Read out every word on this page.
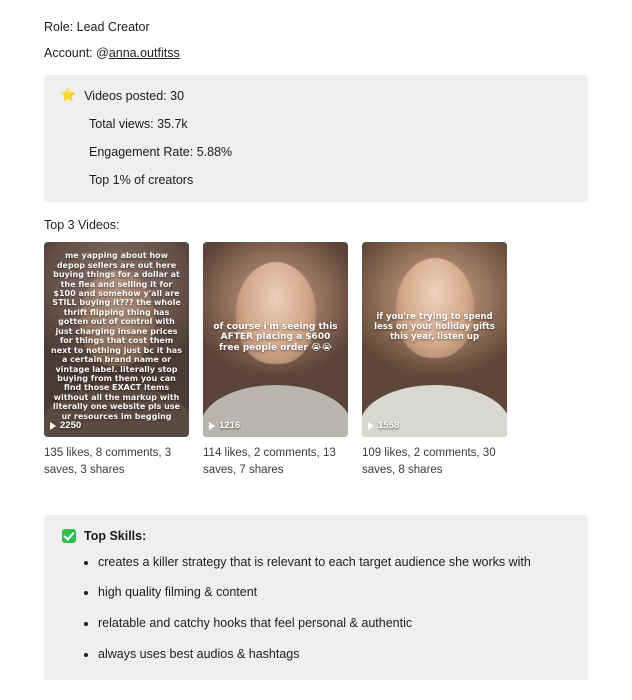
Role: Lead Creator
Account: @anna.outfitss
⭐ Videos posted: 30
Total views: 35.7k
Engagement Rate: 5.88%
Top 1% of creators
Top 3 Videos:
me yapping about how depop sellers are out here buying things for a dollar at the flea and selling it for $100 and somehow y'all are STILL buying it??? the whole thrift flipping thing has gotten out of control with just charging insane prices for things that cost them next to nothing just bc it has a certain brand name or vintage label. literally stop buying from them you can find those EXACT items without all the markup with literally one website pls use ur resources im begging
2250
135 likes, 8 comments, 3 saves, 3 shares
of course i'm seeing this AFTER placing a $600 free people order 😭😭
1216
114 likes, 2 comments, 13 saves, 7 shares
if you're trying to spend less on your holiday gifts this year, listen up
1558
109 likes, 2 comments, 30 saves, 8 shares
Top Skills:
• creates a killer strategy that is relevant to each target audience she works with
• high quality filming & content
• relatable and catchy hooks that feel personal & authentic
• always uses best audios & hashtags
